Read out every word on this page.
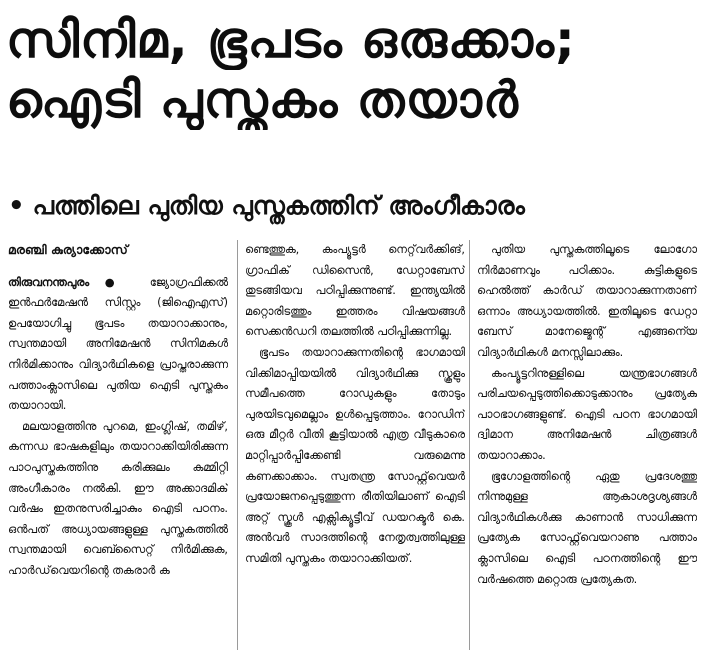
സിനിമ, ഭൂപടം ഒരുക്കാം;
ഐടി പുസ്തകം തയാർ
• പത്തിലെ പുതിയ പുസ്തകത്തിന് അംഗീകാരം

മരഞ്ചി കുര്യാക്കോസ്

തിരുവനന്തപുരം● ജ്യോഗ്രഫിക്കൽ ഇൻഫർമേഷൻ സിസ്റ്റം (ജിഐഎസ്) ഉപയോഗിച്ചു ഭൂപടം തയാറാക്കാനും, സ്വന്തമായി അനിമേഷൻ സിനിമകൾ നിർമിക്കാനും വിദ്യാർഥികളെ പ്രാപ്തരാക്കുന്ന പത്താംക്ലാസിലെ പുതിയ ഐടി പുസ്തകം തയാറായി.

മലയാളത്തിനു പുറമെ, ഇംഗ്ലിഷ്, തമിഴ്, കന്നഡ ഭാഷകളിലും തയാറാക്കിയിരിക്കുന്ന പാഠപുസ്തകത്തിനു കരിക്കുലം കമ്മിറ്റി അംഗീകാരം നൽകി. ഈ അക്കാദമിക് വർഷം ഇതനുസരിച്ചാകും ഐടി പഠനം. ഒൻപത് അധ്യായങ്ങളുള്ള പുസ്തകത്തിൽ സ്വന്തമായി വെബ്സൈറ്റ് നിർമിക്കുക, ഹാർഡ്‌വെയറിന്റെ തകരാർ ക

ണ്ടെത്തുക, കംപ്യൂട്ടർ നെറ്റ്‌വർക്കിങ്, ഗ്രാഫിക് ഡിസൈൻ, ഡേറ്റാബേസ് തുടങ്ങിയവ പഠിപ്പിക്കുന്നുണ്ട്. ഇന്ത്യയിൽ മറ്റൊരിടത്തും ഇത്തരം വിഷയങ്ങൾ സെക്കൻഡറി തലത്തിൽ പഠിപ്പിക്കുന്നില്ല.

ഭൂപടം തയാറാക്കുന്നതിന്റെ ഭാഗമായി വിക്കിമാപ്പിയയിൽ വിദ്യാർഥിക്കു സ്കൂളും സമീപത്തെ റോഡുകളും തോടും പുരയിടവുമെല്ലാം ഉൾപ്പെടുത്താം. റോഡിന് ഒരു മീറ്റർ വീതി കൂട്ടിയാൽ എത്ര വീടുകാരെ മാറ്റിപ്പാർപ്പിക്കേണ്ടി വരുമെന്നു കണക്കാക്കാം. സ്വതന്ത്ര സോഫ്റ്റ്‌വെയർ പ്രയോജനപ്പെടുത്തുന്ന രീതിയിലാണ് ഐടി അറ്റ് സ്കൂൾ എക്സിക്യൂട്ടീവ് ഡയറക്ടർ കെ. അൻവർ സാദത്തിന്റെ നേതൃത്വത്തിലുള്ള സമിതി പുസ്തകം തയാറാക്കിയത്.

പുതിയ പുസ്തകത്തിലൂടെ ലോഗോ നിർമാണവും പഠിക്കാം. കുട്ടികളുടെ ഹെൽത്ത് കാർഡ് തയാറാക്കുന്നതാണ് ഒന്നാം അധ്യായത്തിൽ. ഇതിലൂടെ ഡേറ്റാ ബേസ് മാനേജ്മെന്റ് എങ്ങനെ്യ വിദ്യാർഥികൾ മനസ്സിലാക്കും.

കംപ്യൂട്ടറിനുള്ളിലെ യന്ത്രഭാഗങ്ങൾ പരിചയപ്പെടുത്തിക്കൊടുക്കാനും പ്രത്യേക പാഠഭാഗങ്ങളുണ്ട്. ഐടി പഠന ഭാഗമായി ദ്വിമാന അനിമേഷൻ ചിത്രങ്ങൾ തയാറാക്കാം.

ഭൂഗോളത്തിന്റെ ഏതു പ്രദേശത്തു നിന്നുമുള്ള ആകാശദൃശ്യങ്ങൾ വിദ്യാർഥികൾക്കു കാണാൻ സാധിക്കുന്ന പ്രത്യേക സോഫ്റ്റ്‌വെയറാണു പത്താം ക്ലാസിലെ ഐടി പഠനത്തിന്റെ ഈ വർഷത്തെ മറ്റൊരു പ്രത്യേകത.
